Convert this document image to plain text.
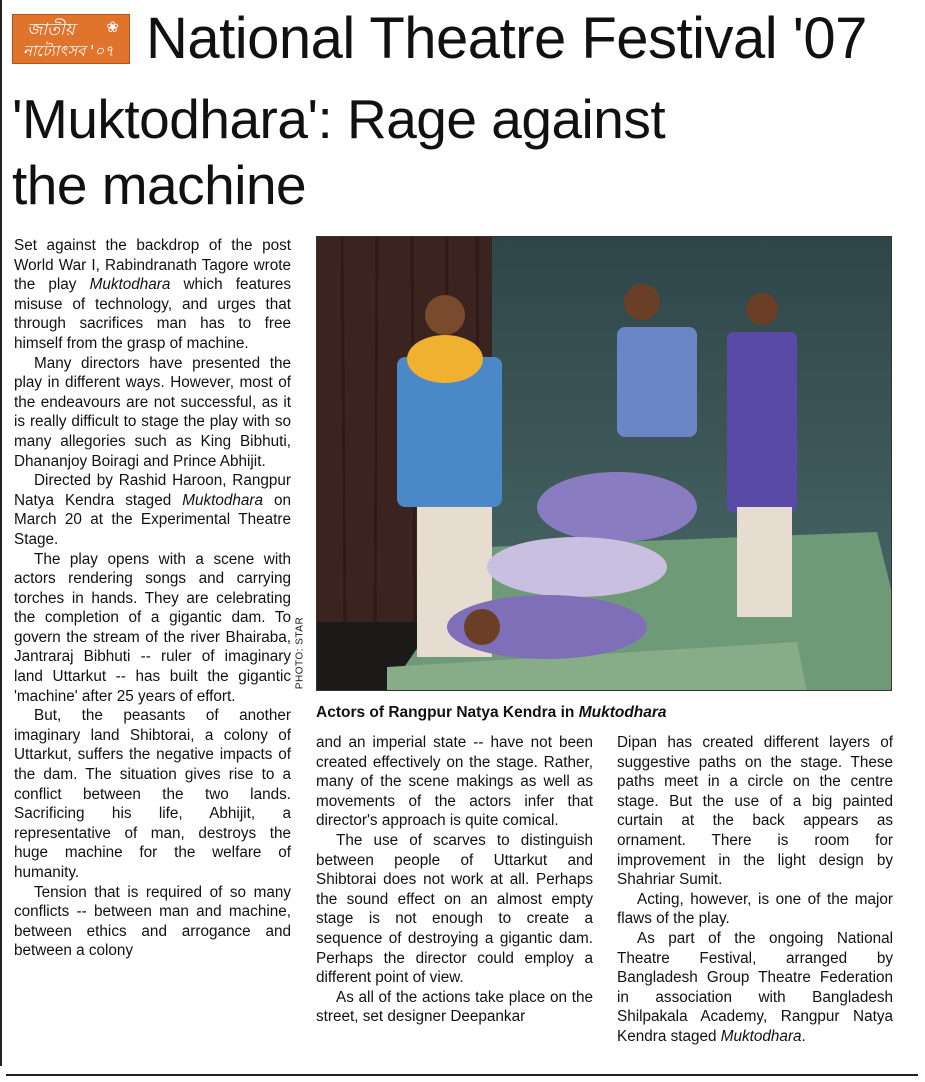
জাতীয় ❀
নাট্যোৎসব '০৭ National Theatre Festival '07
'Muktodhara': Rage against the machine

Set against the backdrop of the post World War I, Rabindranath Tagore wrote the play Muktodhara which features misuse of technology, and urges that through sacrifices man has to free himself from the grasp of machine.

Many directors have presented the play in different ways. However, most of the endeavours are not successful, as it is really difficult to stage the play with so many allegories such as King Bibhuti, Dhananjoy Boiragi and Prince Abhijit.

Directed by Rashid Haroon, Rangpur Natya Kendra staged Muktodhara on March 20 at the Experimental Theatre Stage.

The play opens with a scene with actors rendering songs and carrying torches in hands. They are celebrating the completion of a gigantic dam. To govern the stream of the river Bhairaba, Jantraraj Bibhuti -- ruler of imaginary land Uttarkut -- has built the gigantic 'machine' after 25 years of effort.

But, the peasants of another imaginary land Shibtorai, a colony of Uttarkut, suffers the negative impacts of the dam. The situation gives rise to a conflict between the two lands. Sacrificing his life, Abhijit, a representative of man, destroys the huge machine for the welfare of humanity.

Tension that is required of so many conflicts -- between man and machine, between ethics and arrogance and between a colony

PHOTO: STAR
Actors of Rangpur Natya Kendra in Muktodhara

and an imperial state -- have not been created effectively on the stage. Rather, many of the scene makings as well as movements of the actors infer that director's approach is quite comical.

The use of scarves to distinguish between people of Uttarkut and Shibtorai does not work at all. Perhaps the sound effect on an almost empty stage is not enough to create a sequence of destroying a gigantic dam. Perhaps the director could employ a different point of view.

As all of the actions take place on the street, set designer Deepankar

Dipan has created different layers of suggestive paths on the stage. These paths meet in a circle on the centre stage. But the use of a big painted curtain at the back appears as ornament. There is room for improvement in the light design by Shahriar Sumit.

Acting, however, is one of the major flaws of the play.

As part of the ongoing National Theatre Festival, arranged by Bangladesh Group Theatre Federation in association with Bangladesh Shilpakala Academy, Rangpur Natya Kendra staged Muktodhara.
